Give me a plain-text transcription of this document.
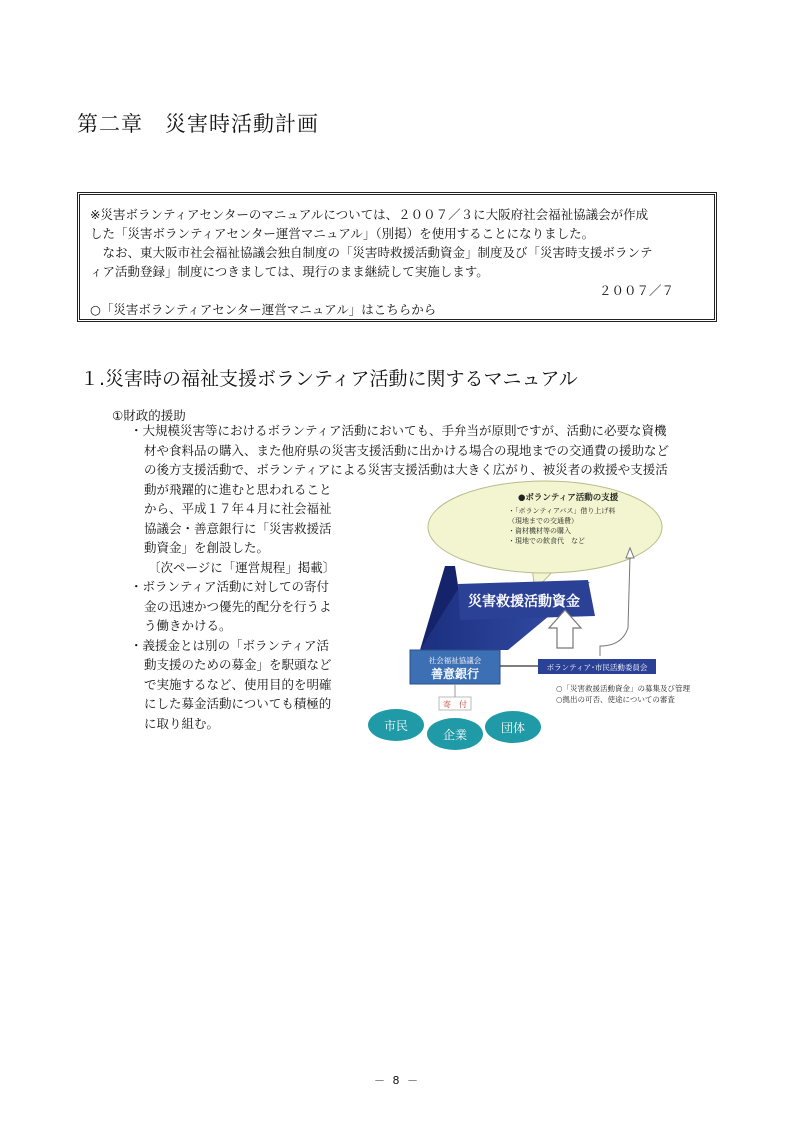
第二章　災害時活動計画
※災害ボランティアセンターのマニュアルについては、２００７／３に大阪府社会福祉協議会が作成
した「災害ボランティアセンター運営マニュアル」（別掲）を使用することになりました。
　なお、東大阪市社会福祉協議会独自制度の「災害時救援活動資金」制度及び「災害時支援ボランテ
ィア活動登録」制度につきましては、現行のまま継続して実施します。
２００７／７
○「災害ボランティアセンター運営マニュアル」はこちらから
１.災害時の福祉支援ボランティア活動に関するマニュアル
①財政的援助
・大規模災害等におけるボランティア活動においても、手弁当が原則ですが、活動に必要な資機
材や食料品の購入、また他府県の災害支援活動に出かける場合の現地までの交通費の援助など
の後方支援活動で、ボランティアによる災害支援活動は大きく広がり、被災者の救援や支援活
動が飛躍的に進むと思われること
から、平成１７年４月に社会福祉
協議会・善意銀行に「災害救援活
動資金」を創設した。
〔次ページに「運営規程」掲載〕
・ボランティア活動に対しての寄付
金の迅速かつ優先的配分を行うよ
う働きかける。
・義援金とは別の「ボランティア活
動支援のための募金」を駅頭など
で実施するなど、使用目的を明確
にした募金活動についても積極的
に取り組む。
●ボランティア活動の支援
・「ボランティアバス」借り上げ料
（現地までの交通費）
・資材機材等の購入
・現地での飲食代　など
災害救援活動資金
社会福祉協議会
善意銀行	ボランティア･市民活動委員会
○「災害救援活動資金」の募集及び管理
○拠出の可否、使途についての審査
寄　付
市民
企業	団体
－ 8 －
